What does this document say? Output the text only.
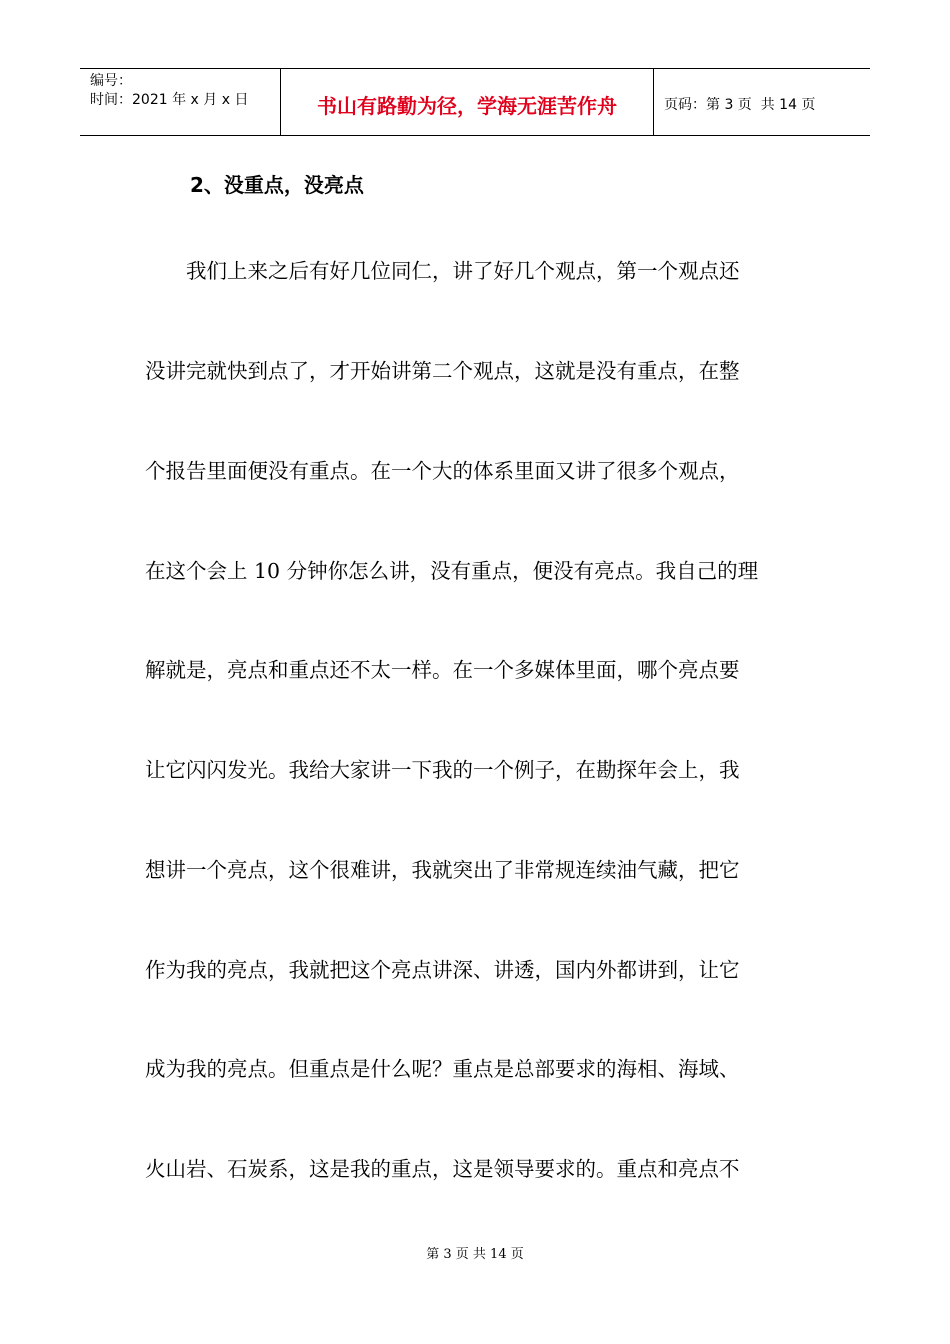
编号：
时间：2021 年 x 月 x 日	书山有路勤为径，学海无涯苦作舟	页码：第 3 页  共 14 页
2、没重点，没亮点
　　我们上来之后有好几位同仁，讲了好几个观点，第一个观点还
没讲完就快到点了，才开始讲第二个观点，这就是没有重点，在整
个报告里面便没有重点。在一个大的体系里面又讲了很多个观点，
在这个会上 10 分钟你怎么讲，没有重点，便没有亮点。我自己的理
解就是，亮点和重点还不太一样。在一个多媒体里面，哪个亮点要
让它闪闪发光。我给大家讲一下我的一个例子，在勘探年会上，我
想讲一个亮点，这个很难讲，我就突出了非常规连续油气藏，把它
作为我的亮点，我就把这个亮点讲深、讲透，国内外都讲到，让它
成为我的亮点。但重点是什么呢？重点是总部要求的海相、海域、
火山岩、石炭系，这是我的重点，这是领导要求的。重点和亮点不
第 3 页 共 14 页
